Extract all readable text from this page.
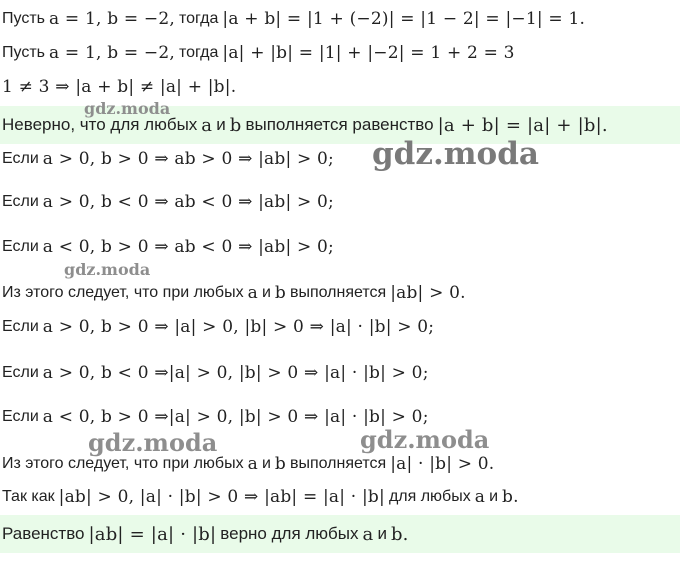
Пусть a = 1, b = −2, тогда |a + b| = |1 + (−2)| = |1 − 2| = |−1| = 1.
Пусть a = 1, b = −2, тогда |a| + |b| = |1| + |−2| = 1 + 2 = 3
1 ≠ 3 ⇒ |a + b| ≠ |a| + |b|.
Неверно, что для любых a и b выполняется равенство |a + b| = |a| + |b|.
Если a > 0, b > 0 ⇒ ab > 0 ⇒ |ab| > 0;
Если a > 0, b < 0 ⇒ ab < 0 ⇒ |ab| > 0;
Если a < 0, b > 0 ⇒ ab < 0 ⇒ |ab| > 0;
Из этого следует, что при любых a и b выполняется |ab| > 0.
Если a > 0, b > 0 ⇒ |a| > 0, |b| > 0 ⇒ |a| · |b| > 0;
Если a > 0, b < 0 ⇒|a| > 0, |b| > 0 ⇒ |a| · |b| > 0;
Если a < 0, b > 0 ⇒|a| > 0, |b| > 0 ⇒ |a| · |b| > 0;
Из этого следует, что при любых a и b выполняется |a| · |b| > 0.
Так как |ab| > 0, |a| · |b| > 0 ⇒ |ab| = |a| · |b| для любых a и b.
Равенство |ab| = |a| · |b| верно для любых a и b.
gdz.moda
gdz.moda
gdz.moda
gdz.moda	gdz.moda
